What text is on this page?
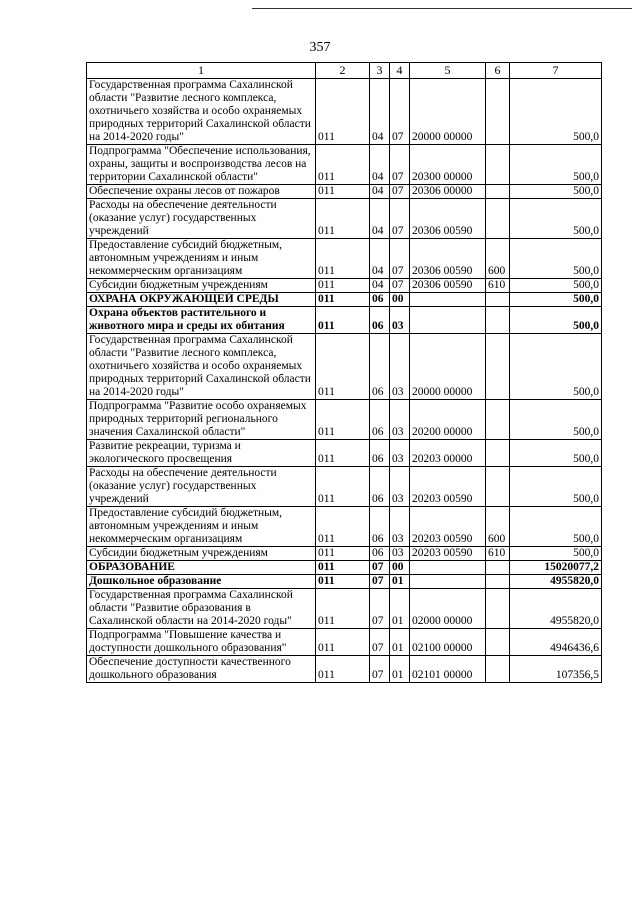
357
1	2	3	4	5	6	7
Государственная программа Сахалинской области "Развитие лесного комплекса, охотничьего хозяйства и особо охраняемых природных территорий Сахалинской области на 2014-2020 годы"	011	04	07	20000 00000		500,0
Подпрограмма "Обеспечение использования, охраны, защиты и воспроизводства лесов на территории Сахалинской области"	011	04	07	20300 00000		500,0
Обеспечение охраны лесов от пожаров	011	04	07	20306 00000		500,0
Расходы на обеспечение деятельности (оказание услуг) государственных учреждений	011	04	07	20306 00590		500,0
Предоставление субсидий бюджетным, автономным учреждениям и иным некоммерческим организациям	011	04	07	20306 00590	600	500,0
Субсидии бюджетным учреждениям	011	04	07	20306 00590	610	500,0
ОХРАНА ОКРУЖАЮЩЕЙ СРЕДЫ	011	06	00			500,0
Охрана объектов растительного и животного мира и среды их обитания	011	06	03			500,0
Государственная программа Сахалинской области "Развитие лесного комплекса, охотничьего хозяйства и особо охраняемых природных территорий Сахалинской области на 2014-2020 годы"	011	06	03	20000 00000		500,0
Подпрограмма "Развитие особо охраняемых природных территорий регионального значения Сахалинской области"	011	06	03	20200 00000		500,0
Развитие рекреации, туризма и экологического просвещения	011	06	03	20203 00000		500,0
Расходы на обеспечение деятельности (оказание услуг) государственных учреждений	011	06	03	20203 00590		500,0
Предоставление субсидий бюджетным, автономным учреждениям и иным некоммерческим организациям	011	06	03	20203 00590	600	500,0
Субсидии бюджетным учреждениям	011	06	03	20203 00590	610	500,0
ОБРАЗОВАНИЕ	011	07	00			15020077,2
Дошкольное образование	011	07	01			4955820,0
Государственная программа Сахалинской области "Развитие образования в Сахалинской области на 2014-2020 годы"	011	07	01	02000 00000		4955820,0
Подпрограмма "Повышение качества и доступности дошкольного образования"	011	07	01	02100 00000		4946436,6
Обеспечение доступности качественного дошкольного образования	011	07	01	02101 00000		107356,5
